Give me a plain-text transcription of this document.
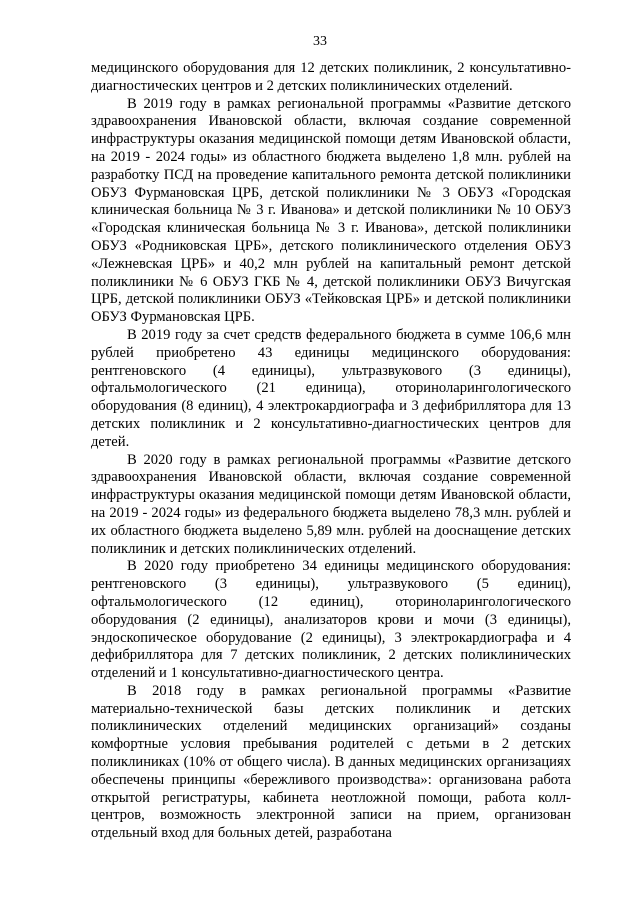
33

медицинского оборудования для 12 детских поликлиник, 2 консультативно-диагностических центров и 2 детских поликлинических отделений.

В 2019 году в рамках региональной программы «Развитие детского здравоохранения Ивановской области, включая создание современной инфраструктуры оказания медицинской помощи детям Ивановской области, на 2019 - 2024 годы» из областного бюджета выделено 1,8 млн. рублей на разработку ПСД на проведение капитального ремонта детской поликлиники ОБУЗ Фурмановская ЦРБ, детской поликлиники № 3 ОБУЗ «Городская клиническая больница № 3 г. Иванова» и детской поликлиники № 10 ОБУЗ «Городская клиническая больница № 3 г. Иванова», детской поликлиники ОБУЗ «Родниковская ЦРБ», детского поликлинического отделения ОБУЗ «Лежневская ЦРБ» и 40,2 млн рублей на капитальный ремонт детской поликлиники № 6 ОБУЗ ГКБ № 4, детской поликлиники ОБУЗ Вичугская ЦРБ, детской поликлиники ОБУЗ «Тейковская ЦРБ» и детской поликлиники ОБУЗ Фурмановская ЦРБ.

В 2019 году за счет средств федерального бюджета в сумме 106,6 млн рублей приобретено 43 единицы медицинского оборудования: рентгеновского (4 единицы), ультразвукового (3 единицы), офтальмологического (21 единица), оториноларингологического оборудования (8 единиц), 4 электрокардиографа и 3 дефибриллятора для 13 детских поликлиник и 2 консультативно-диагностических центров для детей.

В 2020 году в рамках региональной программы «Развитие детского здравоохранения Ивановской области, включая создание современной инфраструктуры оказания медицинской помощи детям Ивановской области, на 2019 - 2024 годы» из федерального бюджета выделено 78,3 млн. рублей и их областного бюджета выделено 5,89 млн. рублей на дооснащение детских поликлиник и детских поликлинических отделений.

В 2020 году приобретено 34 единицы медицинского оборудования: рентгеновского (3 единицы), ультразвукового (5 единиц), офтальмологического (12 единиц), оториноларингологического оборудования (2 единицы), анализаторов крови и мочи (3 единицы), эндоскопическое оборудование (2 единицы), 3 электрокардиографа и 4 дефибриллятора для 7 детских поликлиник, 2 детских поликлинических отделений и 1 консультативно-диагностического центра.

В 2018 году в рамках региональной программы «Развитие материально-технической базы детских поликлиник и детских поликлинических отделений медицинских организаций» созданы комфортные условия пребывания родителей с детьми в 2 детских поликлиниках (10% от общего числа). В данных медицинских организациях обеспечены принципы «бережливого производства»: организована работа открытой регистратуры, кабинета неотложной помощи, работа колл-центров, возможность электронной записи на прием, организован отдельный вход для больных детей, разработана
